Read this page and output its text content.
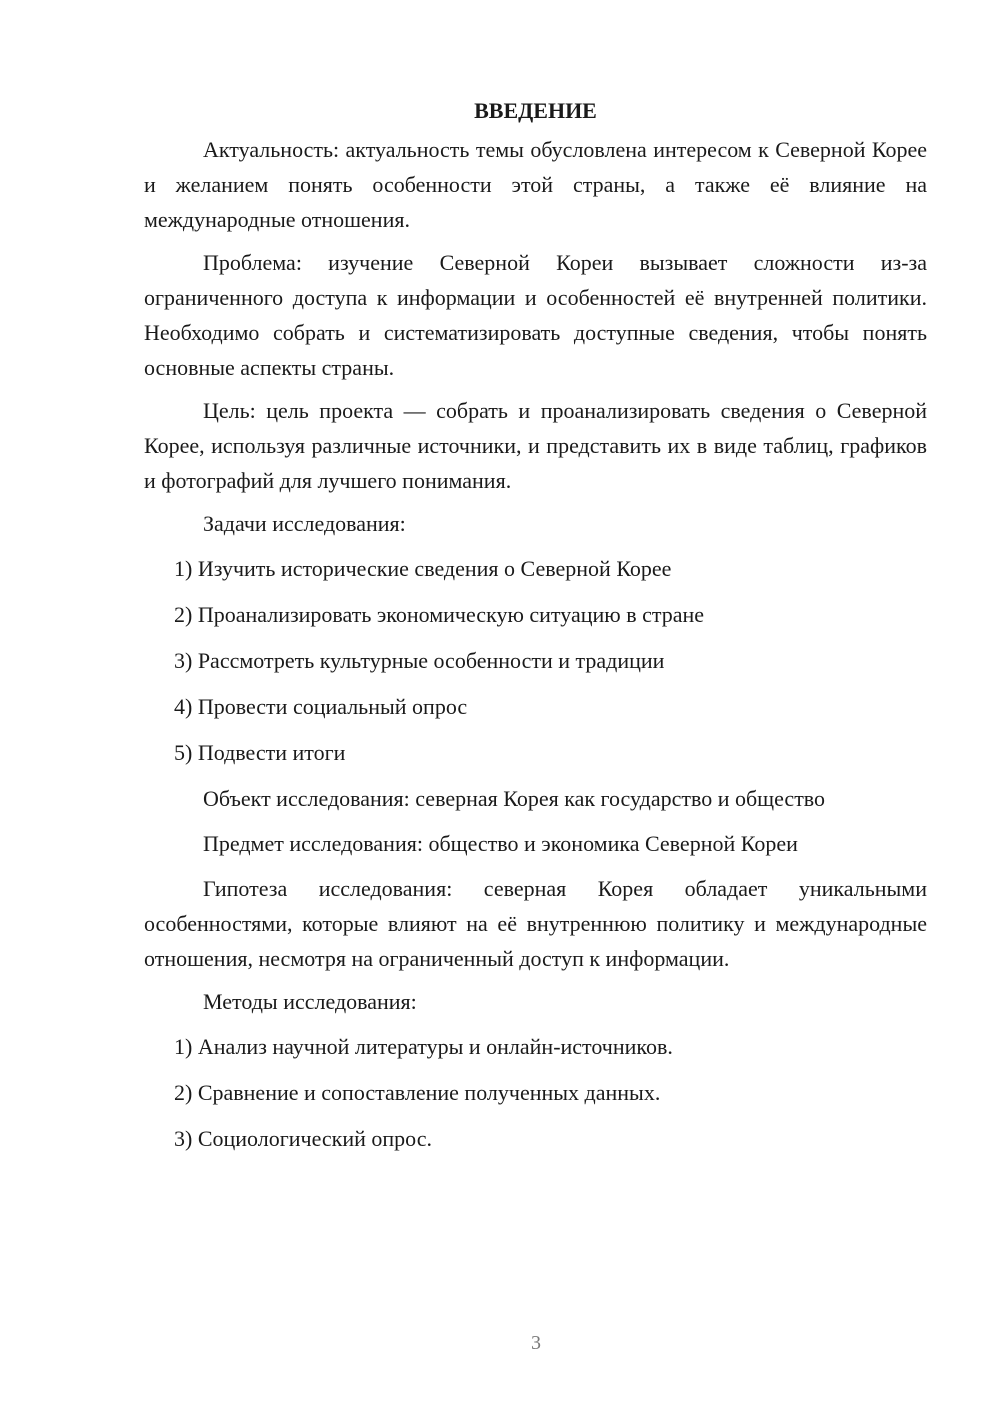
ВВЕДЕНИЕ

Актуальность: актуальность темы обусловлена интересом к Северной Корее и желанием понять особенности этой страны, а также её влияние на международные отношения.

Проблема: изучение Северной Кореи вызывает сложности из-за ограниченного доступа к информации и особенностей её внутренней политики. Необходимо собрать и систематизировать доступные сведения, чтобы понять основные аспекты страны.

Цель: цель проекта — собрать и проанализировать сведения о Северной Корее, используя различные источники, и представить их в виде таблиц, графиков и фотографий для лучшего понимания.

Задачи исследования:
1) Изучить исторические сведения о Северной Корее
2) Проанализировать экономическую ситуацию в стране
3) Рассмотреть культурные особенности и традиции
4) Провести социальный опрос
5) Подвести итоги
Объект исследования: северная Корея как государство и общество
Предмет исследования: общество и экономика Северной Кореи

Гипотеза исследования: северная Корея обладает уникальными особенностями, которые влияют на её внутреннюю политику и международные отношения, несмотря на ограниченный доступ к информации.

Методы исследования:
1) Анализ научной литературы и онлайн-источников.
2) Сравнение и сопоставление полученных данных.
3) Социологический опрос.
3
